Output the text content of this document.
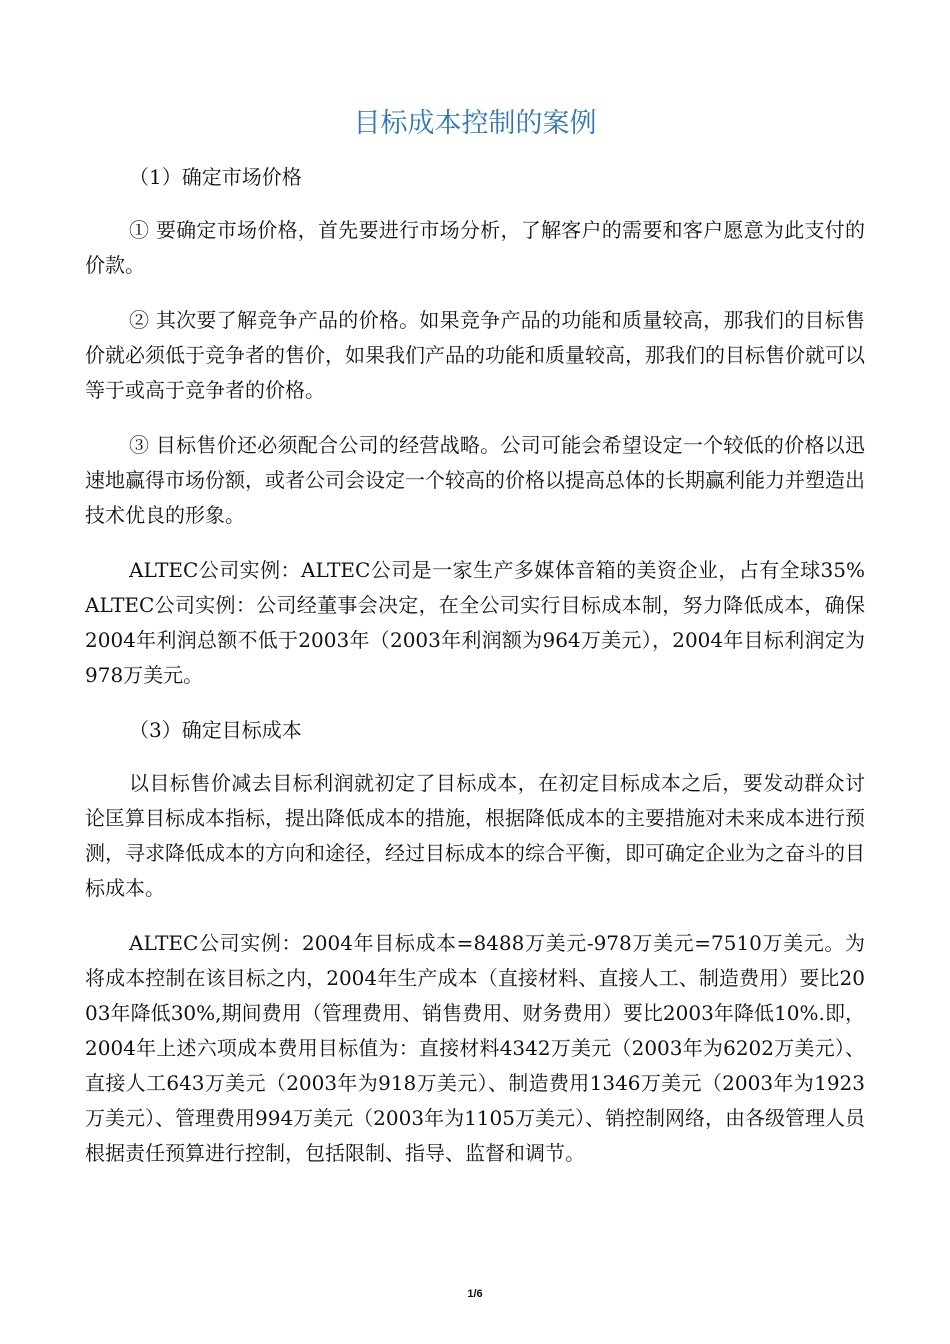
目标成本控制的案例

（1）确定市场价格

① 要确定市场价格，首先要进行市场分析，了解客户的需要和客户愿意为此支付的价款。

② 其次要了解竞争产品的价格。如果竞争产品的功能和质量较高，那我们的目标售价就必须低于竞争者的售价，如果我们产品的功能和质量较高，那我们的目标售价就可以等于或高于竞争者的价格。

③ 目标售价还必须配合公司的经营战略。公司可能会希望设定一个较低的价格以迅速地赢得市场份额，或者公司会设定一个较高的价格以提高总体的长期赢利能力并塑造出技术优良的形象。

ALTEC公司实例：ALTEC公司是一家生产多媒体音箱的美资企业，占有全球35%ALTEC公司实例：公司经董事会决定，在全公司实行目标成本制，努力降低成本，确保2004年利润总额不低于2003年（2003年利润额为964万美元），2004年目标利润定为978万美元。

（3）确定目标成本

以目标售价减去目标利润就初定了目标成本，在初定目标成本之后，要发动群众讨论匡算目标成本指标，提出降低成本的措施，根据降低成本的主要措施对未来成本进行预测，寻求降低成本的方向和途径，经过目标成本的综合平衡，即可确定企业为之奋斗的目标成本。

ALTEC公司实例：2004年目标成本=8488万美元-978万美元=7510万美元。为将成本控制在该目标之内，2004年生产成本（直接材料、直接人工、制造费用）要比2003年降低30%,期间费用（管理费用、销售费用、财务费用）要比2003年降低10%.即，2004年上述六项成本费用目标值为：直接材料4342万美元（2003年为6202万美元）、直接人工643万美元（2003年为918万美元）、制造费用1346万美元（2003年为1923万美元）、管理费用994万美元（2003年为1105万美元）、销控制网络，由各级管理人员根据责任预算进行控制，包括限制、指导、监督和调节。

1/6
